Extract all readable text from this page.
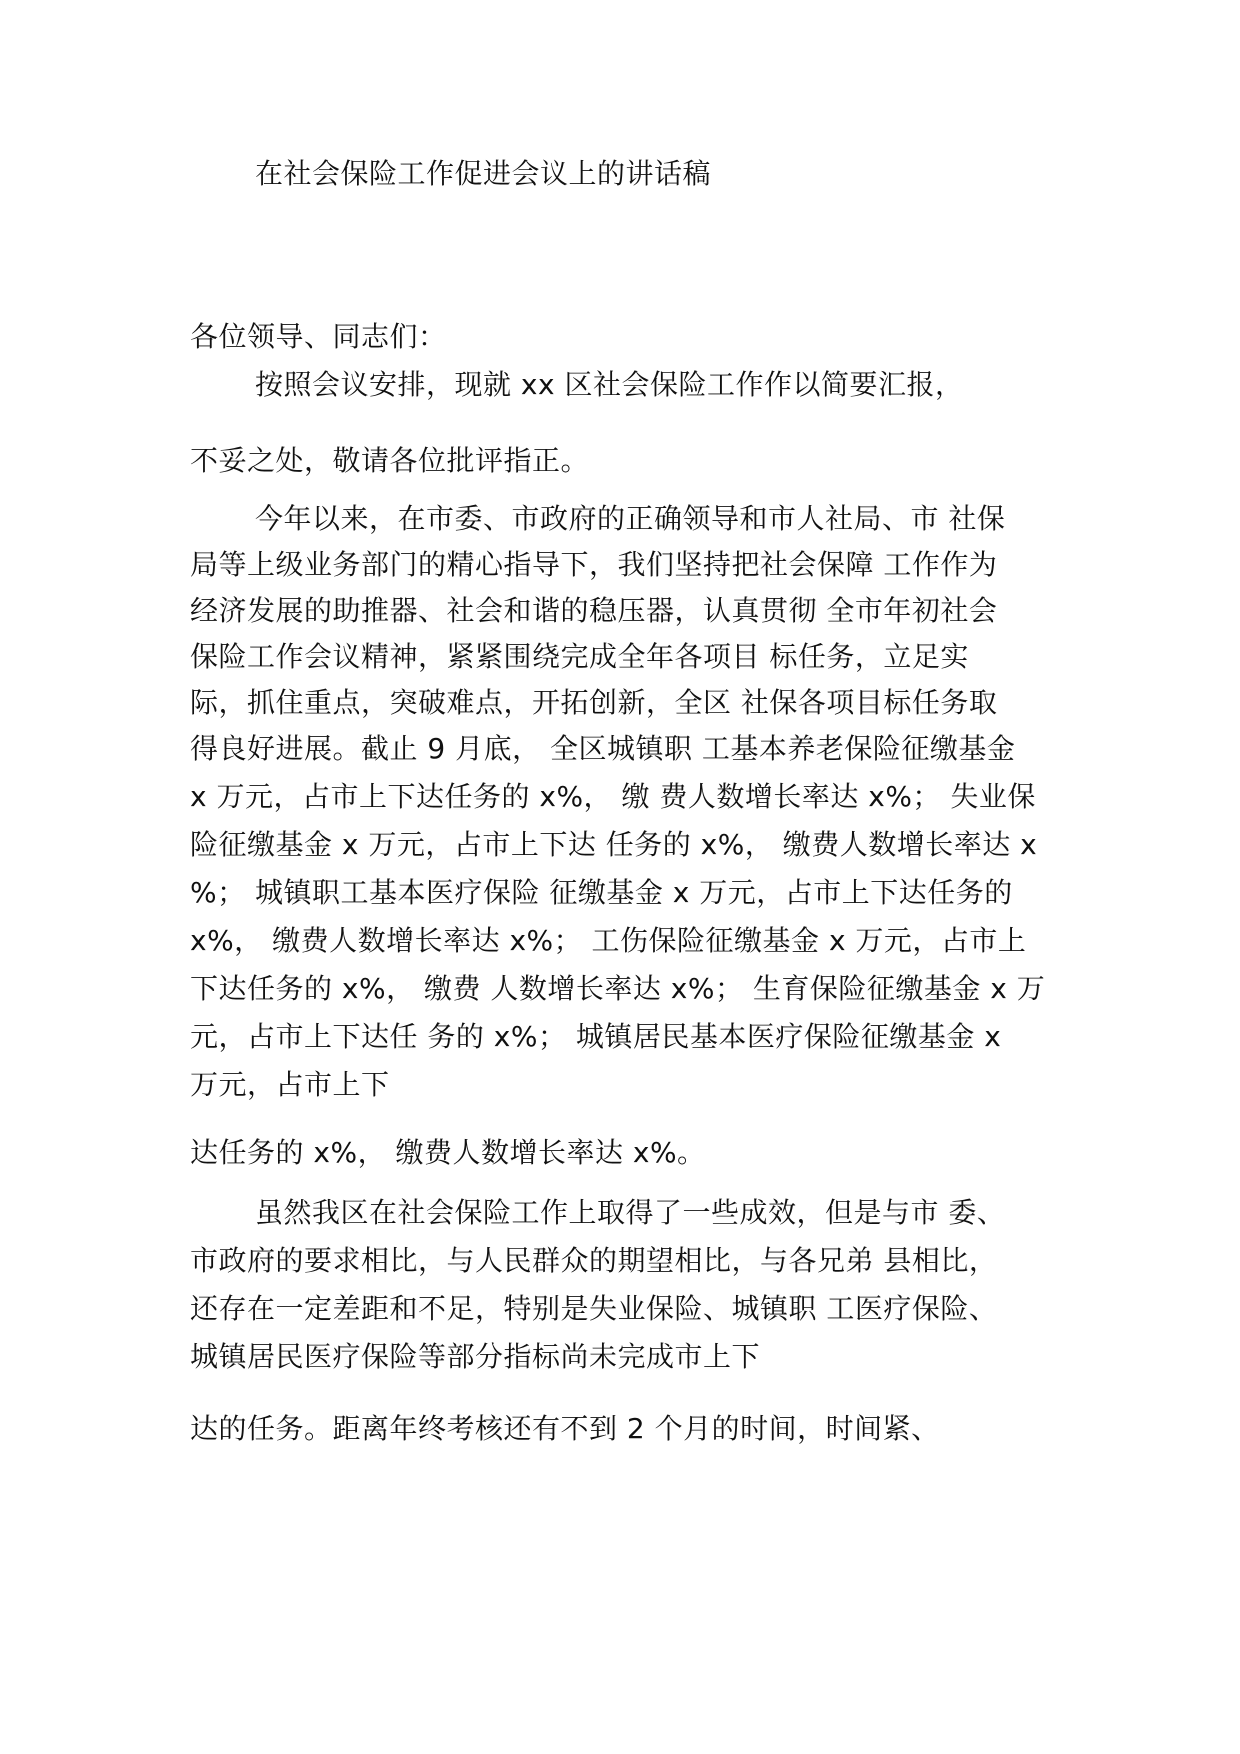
在社会保险工作促进会议上的讲话稿
各位领导、同志们：
按照会议安排，现就 xx 区社会保险工作作以简要汇报，
不妥之处，敬请各位批评指正。
今年以来，在市委、市政府的正确领导和市人社局、市 社保
局等上级业务部门的精心指导下，我们坚持把社会保障 工作作为
经济发展的助推器、社会和谐的稳压器，认真贯彻 全市年初社会
保险工作会议精神，紧紧围绕完成全年各项目 标任务，立足实
际，抓住重点，突破难点，开拓创新，全区 社保各项目标任务取
得良好进展。截止 9 月底， 全区城镇职 工基本养老保险征缴基金
x 万元，占市上下达任务的 x%， 缴 费人数增长率达 x%； 失业保
险征缴基金 x 万元，占市上下达 任务的 x%， 缴费人数增长率达 x
%； 城镇职工基本医疗保险 征缴基金 x 万元，占市上下达任务的
x%， 缴费人数增长率达 x%； 工伤保险征缴基金 x 万元，占市上
下达任务的 x%， 缴费 人数增长率达 x%； 生育保险征缴基金 x 万
元，占市上下达任 务的 x%； 城镇居民基本医疗保险征缴基金 x
万元，占市上下
达任务的 x%， 缴费人数增长率达 x%。
虽然我区在社会保险工作上取得了一些成效，但是与市 委、
市政府的要求相比，与人民群众的期望相比，与各兄弟 县相比，
还存在一定差距和不足，特别是失业保险、城镇职 工医疗保险、
城镇居民医疗保险等部分指标尚未完成市上下
达的任务。距离年终考核还有不到 2 个月的时间，时间紧、
